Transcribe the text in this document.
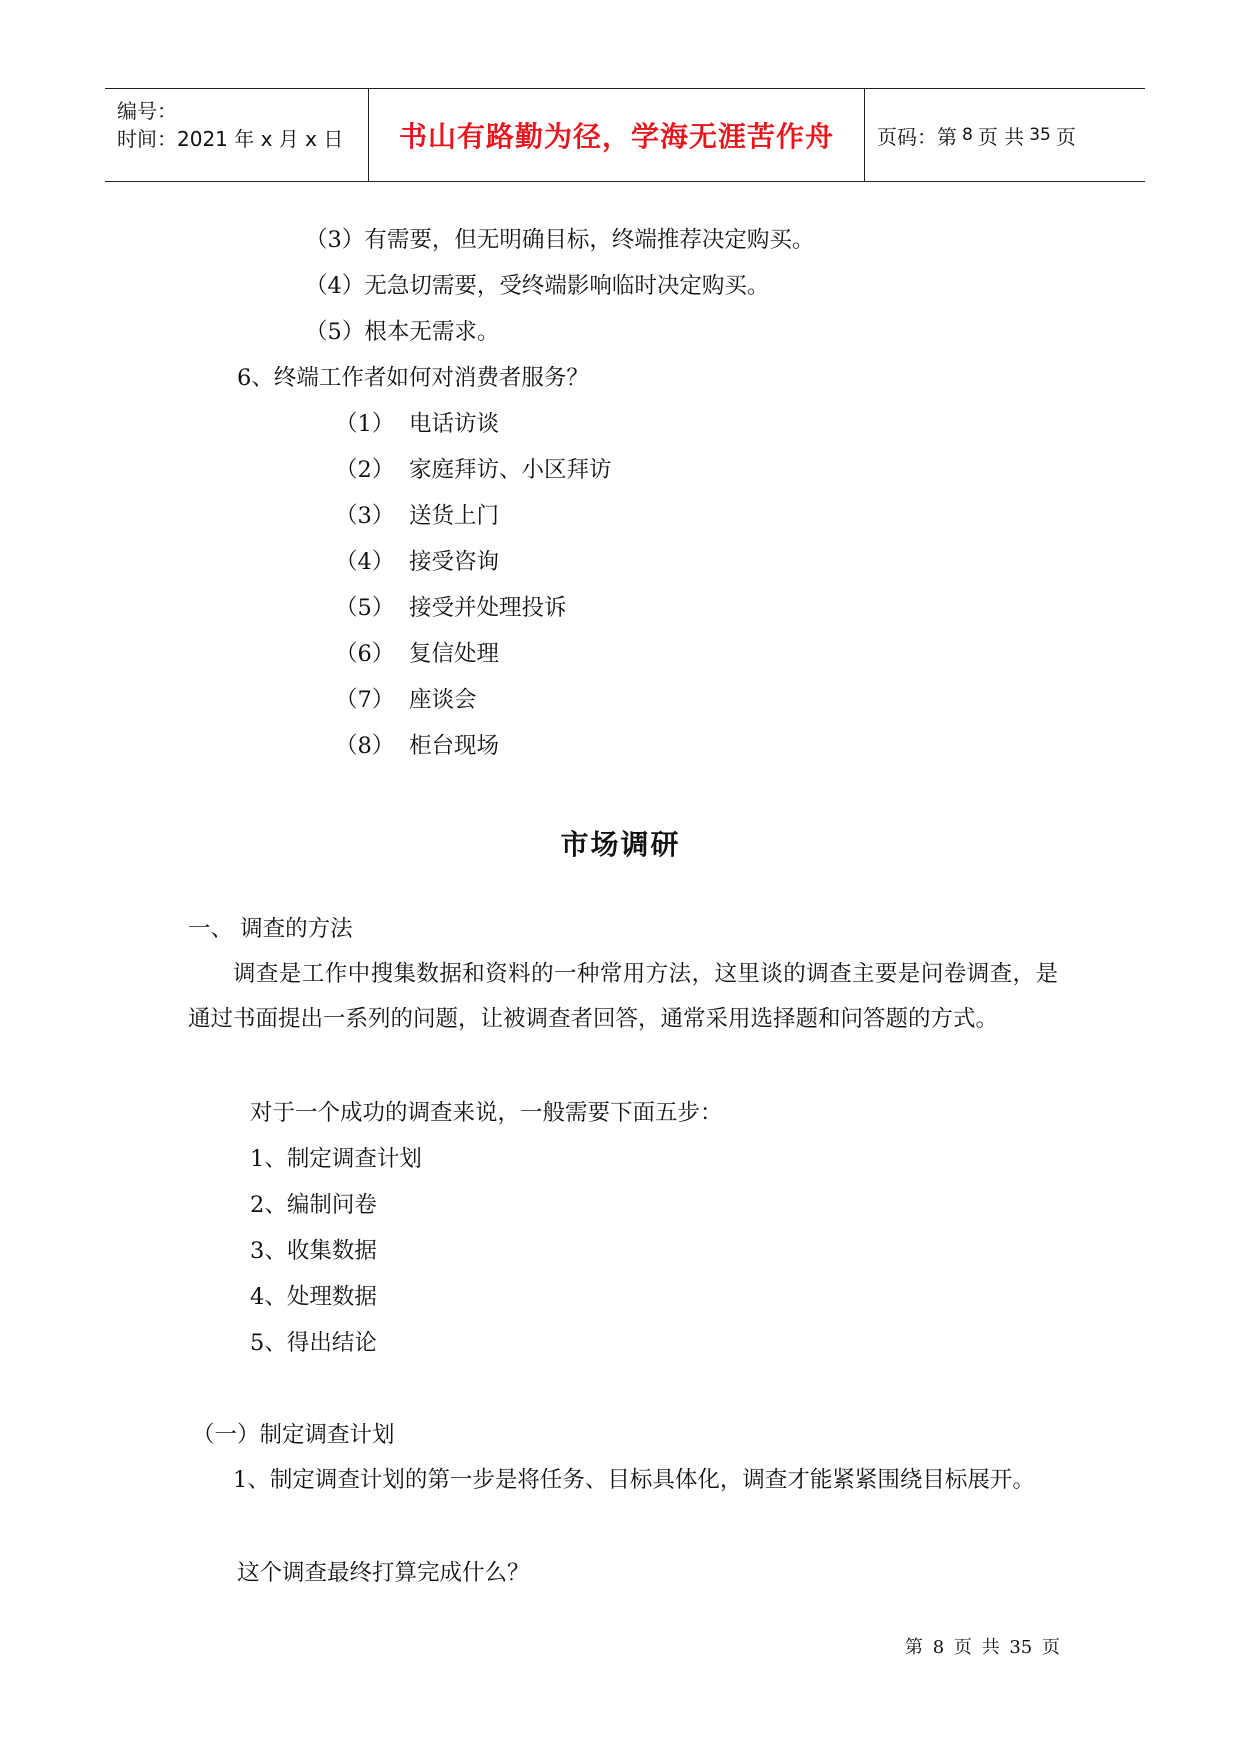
编号：
时间：2021 年 x 月 x 日	书山有路勤为径，学海无涯苦作舟	页码：第 8 页 共 35 页
（3）有需要，但无明确目标，终端推荐决定购买。
（4）无急切需要，受终端影响临时决定购买。
（5）根本无需求。
6、终端工作者如何对消费者服务？
（1） 电话访谈
（2） 家庭拜访、小区拜访
（3） 送货上门
（4） 接受咨询
（5） 接受并处理投诉
（6） 复信处理
（7） 座谈会
（8） 柜台现场
市场调研
一、 调查的方法
调查是工作中搜集数据和资料的一种常用方法，这里谈的调查主要是问卷调查，是通过书面提出一系列的问题，让被调查者回答，通常采用选择题和问答题的方式。
对于一个成功的调查来说，一般需要下面五步：
1、制定调查计划
2、编制问卷
3、收集数据
4、处理数据
5、得出结论
（一）制定调查计划
1、制定调查计划的第一步是将任务、目标具体化，调查才能紧紧围绕目标展开。
这个调查最终打算完成什么？
第 8 页 共 35 页
